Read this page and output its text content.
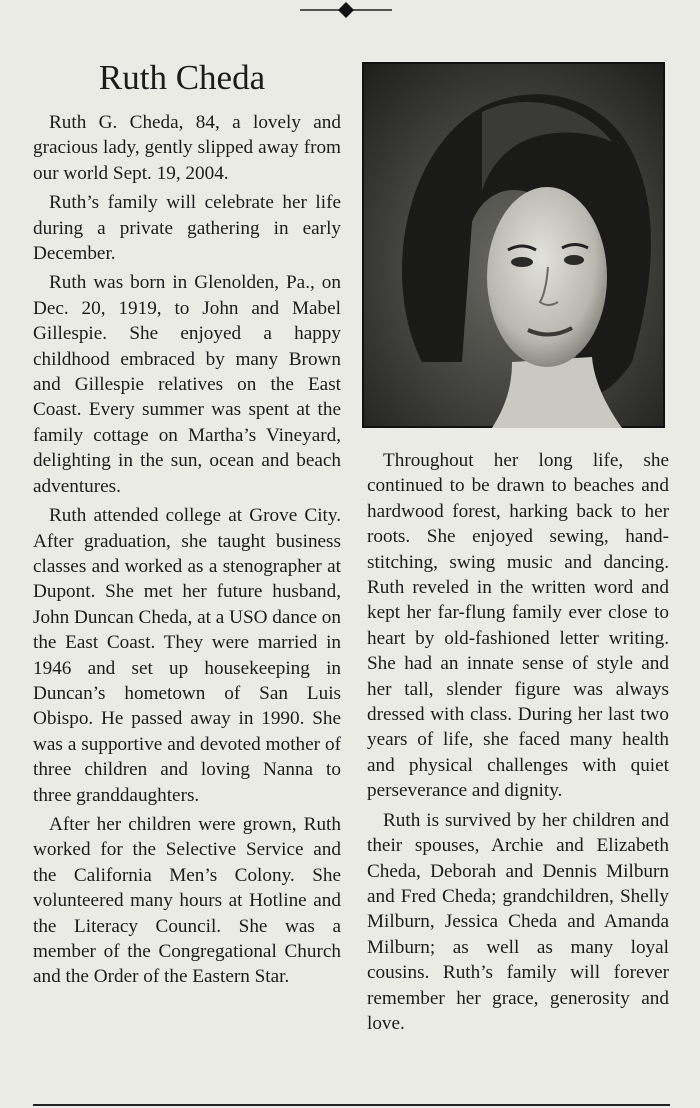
Ruth Cheda

Ruth G. Cheda, 84, a lovely and gracious lady, gently slipped away from our world Sept. 19, 2004.

Ruth’s family will celebrate her life during a private gathering in early December.

Ruth was born in Glenolden, Pa., on Dec. 20, 1919, to John and Mabel Gillespie. She enjoyed a happy childhood embraced by many Brown and Gillespie relatives on the East Coast. Every summer was spent at the family cottage on Martha’s Vineyard, delighting in the sun, ocean and beach adventures.

Ruth attended college at Grove City. After graduation, she taught business classes and worked as a stenographer at Dupont. She met her future husband, John Duncan Cheda, at a USO dance on the East Coast. They were married in 1946 and set up housekeeping in Duncan’s hometown of San Luis Obispo. He passed away in 1990. She was a supportive and devoted mother of three children and loving Nanna to three granddaughters.

After her children were grown, Ruth worked for the Selective Service and the California Men’s Colony. She volunteered many hours at Hotline and the Literacy Council. She was a member of the Congregational Church and the Order of the Eastern Star.

Throughout her long life, she continued to be drawn to beaches and hardwood forest, harking back to her roots. She enjoyed sewing, hand-stitching, swing music and dancing. Ruth reveled in the written word and kept her far-flung family ever close to heart by old-fashioned letter writing. She had an innate sense of style and her tall, slender figure was always dressed with class. During her last two years of life, she faced many health and physical challenges with quiet perseverance and dignity.

Ruth is survived by her children and their spouses, Archie and Elizabeth Cheda, Deborah and Dennis Milburn and Fred Cheda; grandchildren, Shelly Milburn, Jessica Cheda and Amanda Milburn; as well as many loyal cousins. Ruth’s family will forever remember her grace, generosity and love.
